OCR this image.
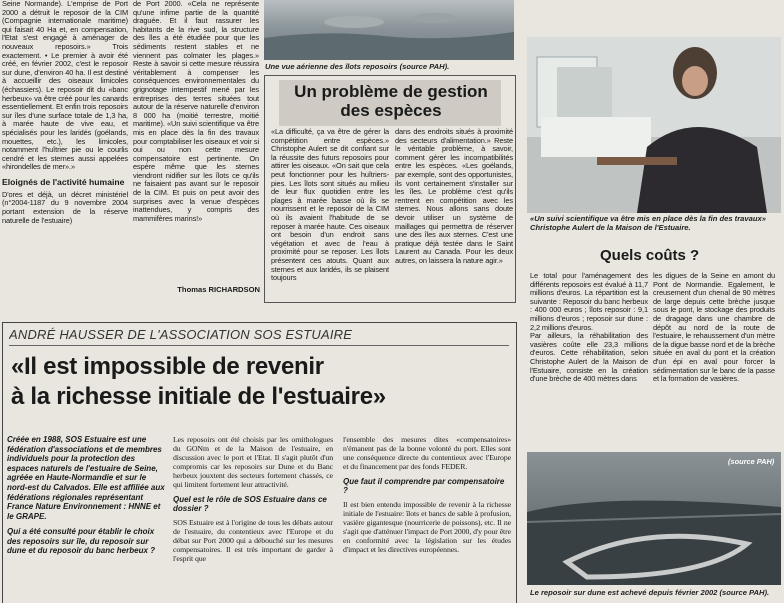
Seine Normande). L'emprise de Port 2000 a détruit le reposoir de la CIM (Compagnie internationale maritime) qui faisait 40 Ha et, en compensation, l'Etat s'est engagé à aménager de nouveaux reposoirs.» Trois exactement. • Le premier à avoir été créé, en février 2002, c'est le reposoir sur dune, d'environ 40 ha. Il est destiné à accueillir des oiseaux limicoles (échassiers). Le reposoir dit du «banc herbeux» va être créé pour les canards essentiellement. Et enfin trois reposoirs sur îles d'une surface totale de 1,3 ha, à marée haute de vive eau, et spécialisés pour les laridés (goélands, mouettes, etc.), les limicoles, notamment l'huîtrier pie ou le courlis cendré et les sternes aussi appelées «hirondelles de mer».»
Eloignés de l'activité humaine
D'ores et déjà, un décret ministériel (n°2004-1187 du 9 novembre 2004 portant extension de la réserve naturelle de l'estuaire)
de Port 2000. «Cela ne représente qu'une infime partie de la quantité draguée. Et il faut rassurer les habitants de la rive sud, la structure des îles a été étudiée pour que les sédiments restent stables et ne viennent pas colmater les plages.» Reste à savoir si cette mesure réussira véritablement à compenser les conséquences environnementales du grignotage intempestif mené par les entreprises des terres situées tout autour de la réserve naturelle d'environ 8 000 ha (moitié terrestre, moitié maritime). «Un suivi scientifique va être mis en place dès la fin des travaux pour comptabiliser les oiseaux et voir si oui ou non cette mesure compensatoire est pertinente. On espère même que les sternes viendront nidifier sur les îlots ce qu'ils ne faisaient pas avant sur le reposoir de la CIM. Et puis on peut avoir des surprises avec la venue d'espèces inattendues, y compris des mammifères marins!»
Thomas RICHARDSON
Une vue aérienne des îlots reposoirs (source PAH).
Un problème de gestion des espèces
«La difficulté, ça va être de gérer la compétition entre espèces.» Christophe Aulert se dit confiant sur la réussite des futurs reposoirs pour attirer les oiseaux. «On sait que cela peut fonctionner pour les huîtriers-pies. Les îlots sont situés au milieu de leur flux quotidien entre les plages à marée basse où ils se nourrissent et le reposoir de la CIM où ils avaient l'habitude de se reposer à marée haute. Ces oiseaux ont besoin d'un endroit sans végétation et avec de l'eau à proximité pour se reposer. Les îlots présentent ces atouts. Quant aux sternes et aux laridés, ils se plaisent toujours
dans des endroits situés à proximité des secteurs d'alimentation.» Reste le véritable problème, à savoir, comment gérer les incompatibilités entre les espèces. «Les goélands, par exemple, sont des opportunistes, ils vont certainement s'installer sur les îles. Le problème c'est qu'ils rentrent en compétition avec les sternes. Nous allons sans doute devoir utiliser un système de maillages qui permettra de réserver une des îles aux sternes. C'est une pratique déjà testée dans le Saint Laurent au Canada. Pour les deux autres, on laissera la nature agir.»
«Un suivi scientifique va être mis en place dès la fin des travaux» Christophe Aulert de la Maison de l'Estuaire.
Quels coûts ?
Le total pour l'aménagement des différents reposoirs est évalué à 11,7 millions d'euros. La répartition est la suivante : Reposoir du banc herbeux : 400 000 euros ; îlots reposoir : 9,1 millions d'euros ; reposoir sur dune : 2,2 millions d'euros.
Par ailleurs, la réhabilitation des vasières coûte elle 23,3 millions d'euros. Cette réhabilitation, selon Christophe Aulert de la Maison de l'Estuaire, consiste en la création d'une brèche de 400 mètres dans
les digues de la Seine en amont du Pont de Normandie. Egalement, le creusement d'un chenal de 90 mètres de large depuis cette brèche jusque sous le pont, le stockage des produits de dragage dans une chambre de dépôt au nord de la route de l'estuaire, le rehaussement d'un mètre de la digue basse nord et de la brèche située en aval du pont et la création d'un épi en aval pour forcer la sédimentation sur le banc de la passe et la formation de vasières.
ANDRÉ HAUSSER DE L'ASSOCIATION SOS ESTUAIRE
«Il est impossible de revenir
à la richesse initiale de l'estuaire»
Créée en 1988, SOS Estuaire est une fédération d'associations et de membres individuels pour la protection des espaces naturels de l'estuaire de Seine, agréée en Haute-Normandie et sur le nord-est du Calvados. Elle est affiliée aux fédérations régionales représentant France Nature Environnement : HNNE et le GRAPE.
Qui a été consulté pour établir le choix des reposoirs sur île, du reposoir sur dune et du reposoir du banc herbeux ?
Les reposoirs ont été choisis par les ornithologues du GONm et de la Maison de l'estuaire, en discussion avec le port et l'Etat. Il s'agit plutôt d'un compromis car les reposoirs sur Dune et du Banc herbeux jouxtent des secteurs fortement chassés, ce qui limitent fortement leur attractivité.
Quel est le rôle de SOS Estuaire dans ce dossier ?
SOS Estuaire est à l'origine de tous les débats autour de l'estuaire, du contentieux avec l'Europe et du débat sur Port 2000 qui a débouché sur les mesures compensatoires. Il est très important de garder à l'esprit que
l'ensemble des mesures dites «compensatoires» n'émanent pas de la bonne volonté du port. Elles sont une conséquence directe du contentieux avec l'Europe et du financement par des fonds FEDER.
Que faut il comprendre par compensatoire ?
Il est bien entendu impossible de revenir à la richesse initiale de l'estuaire: îlots et bancs de sable à profusion, vasière gigantesque (nourricerie de poissons), etc. Il ne s'agit que d'atténuer l'impact de Port 2000, d'y pour être en conformité avec la législation sur les études d'impact et les directives européennes.
(source PAH)
Le reposoir sur dune est achevé depuis février 2002 (source PAH).
